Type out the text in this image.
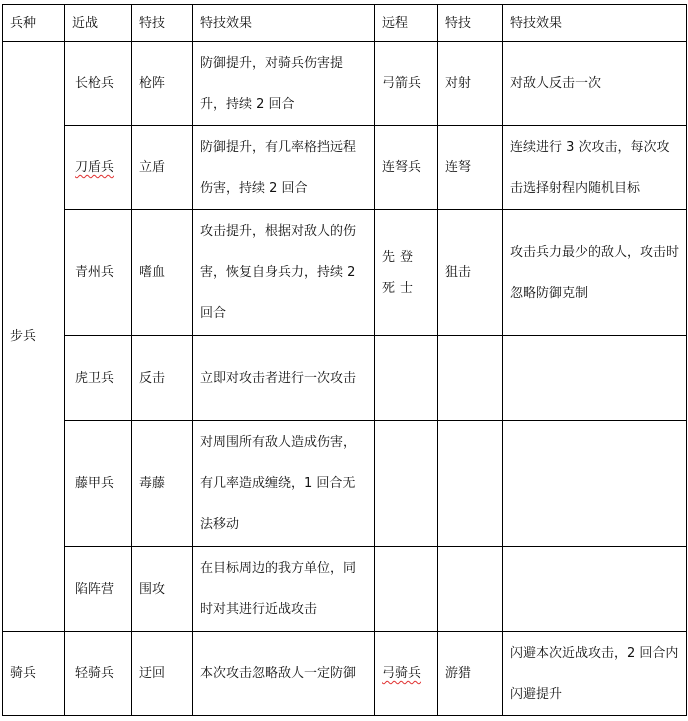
兵种	近战	特技	特技效果	远程	特技	特技效果
步兵	长枪兵	枪阵	防御提升，对骑兵伤害提升，持续 2 回合	弓箭兵	对射	对敌人反击一次
	刀盾兵	立盾	防御提升，有几率格挡远程伤害，持续 2 回合	连弩兵	连弩	连续进行 3 次攻击，每次攻击选择射程内随机目标
	青州兵	嗜血	攻击提升，根据对敌人的伤害，恢复自身兵力，持续 2 回合	先登死士	狙击	攻击兵力最少的敌人，攻击时忽略防御克制
	虎卫兵	反击	立即对攻击者进行一次攻击			
	藤甲兵	毒藤	对周围所有敌人造成伤害，有几率造成缠绕，1 回合无法移动			
	陷阵营	围攻	在目标周边的我方单位，同时对其进行近战攻击			
骑兵	轻骑兵	迂回	本次攻击忽略敌人一定防御	弓骑兵	游猎	闪避本次近战攻击，2 回合内闪避提升
